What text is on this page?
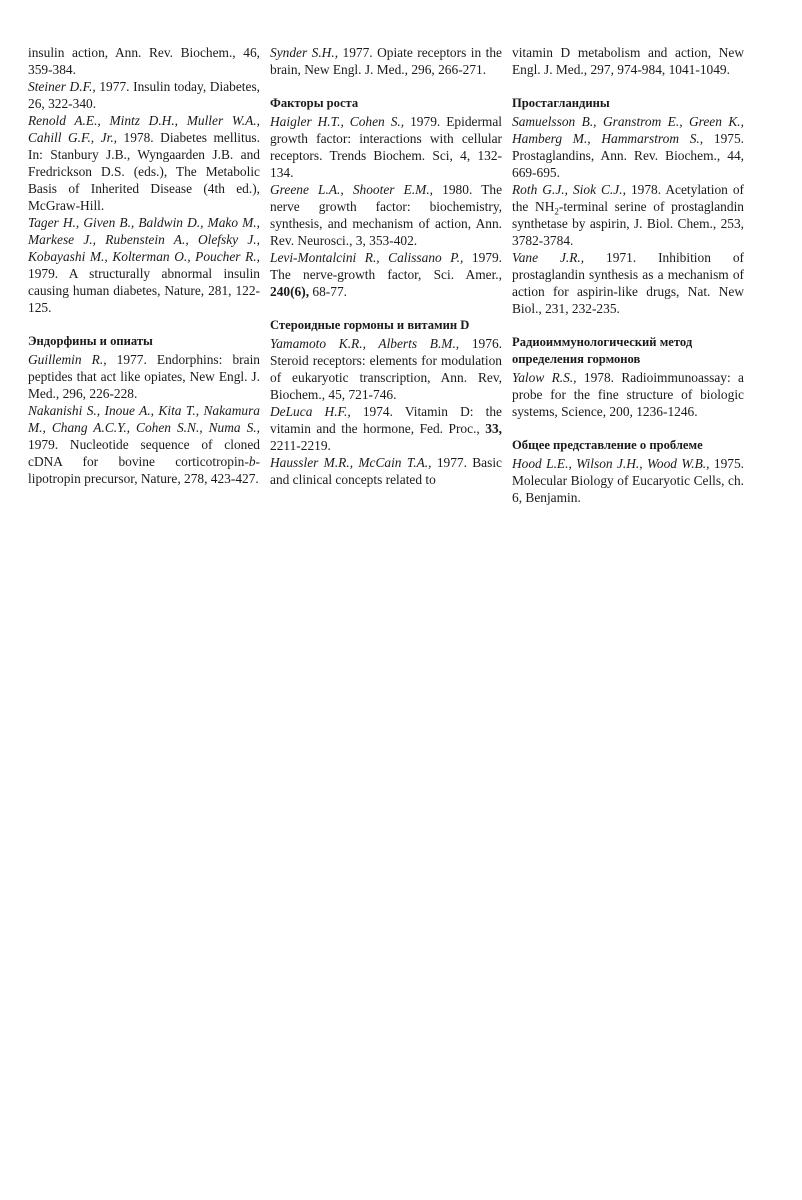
insulin action, Ann. Rev. Biochem., 46, 359-384.

Steiner D.F., 1977. Insulin today, Diabetes, 26, 322-340.

Renold A.E., Mintz D.H., Muller W.A., Cahill G.F., Jr., 1978. Diabetes mellitus. In: Stanbury J.B., Wyngaarden J.B. and Fredrickson D.S. (eds.), The Metabolic Basis of Inherited Disease (4th ed.), McGraw-Hill.

Tager H., Given B., Baldwin D., Mako M., Markese J., Rubenstein A., Olefsky J., Kobayashi M., Kolterman O., Poucher R., 1979. A structurally abnormal insulin causing human diabetes, Nature, 281, 122-125.

Эндорфины и опиаты

Guillemin R., 1977. Endorphins: brain peptides that act like opiates, New Engl. J. Med., 296, 226-228.

Nakanishi S., Inoue A., Kita T., Nakamura M., Chang A.C.Y., Cohen S.N., Numa S., 1979. Nucleotide sequence of cloned cDNA for bovine corticotropin-b-lipotropin precursor, Nature, 278, 423-427.

Synder S.H., 1977. Opiate receptors in the brain, New Engl. J. Med., 296, 266-271.

Факторы роста

Haigler H.T., Cohen S., 1979. Epidermal growth factor: interactions with cellular receptors. Trends Biochem. Sci, 4, 132-134.

Greene L.A., Shooter E.M., 1980. The nerve growth factor: biochemistry, synthesis, and mechanism of action, Ann. Rev. Neurosci., 3, 353-402.

Levi-Montalcini R., Calissano P., 1979. The nerve-growth factor, Sci. Amer., 240(6), 68-77.

Стероидные гормоны и витамин D

Yamamoto K.R., Alberts B.M., 1976. Steroid receptors: elements for modulation of eukaryotic transcription, Ann. Rev, Biochem., 45, 721-746.

DeLuca H.F., 1974. Vitamin D: the vitamin and the hormone, Fed. Proc., 33, 2211-2219.

Haussler M.R., McCain T.A., 1977. Basic and clinical concepts related to

vitamin D metabolism and action, New Engl. J. Med., 297, 974-984, 1041-1049.

Простагландины

Samuelsson B., Granstrom E., Green K., Hamberg M., Hammarstrom S., 1975. Prostaglandins, Ann. Rev. Biochem., 44, 669-695.

Roth G.J., Siok C.J., 1978. Acetylation of the $NH_2$-terminal serine of prostaglandin synthetase by aspirin, J. Biol. Chem., 253, 3782-3784.

Vane J.R., 1971. Inhibition of prostaglandin synthesis as a mechanism of action for aspirin-like drugs, Nat. New Biol., 231, 232-235.

Радиоиммунологический метод определения гормонов

Yalow R.S., 1978. Radioimmunoassay: a probe for the fine structure of biologic systems, Science, 200, 1236-1246.

Общее представление о проблеме

Hood L.E., Wilson J.H., Wood W.B., 1975. Molecular Biology of Eucaryotic Cells, ch. 6, Benjamin.
